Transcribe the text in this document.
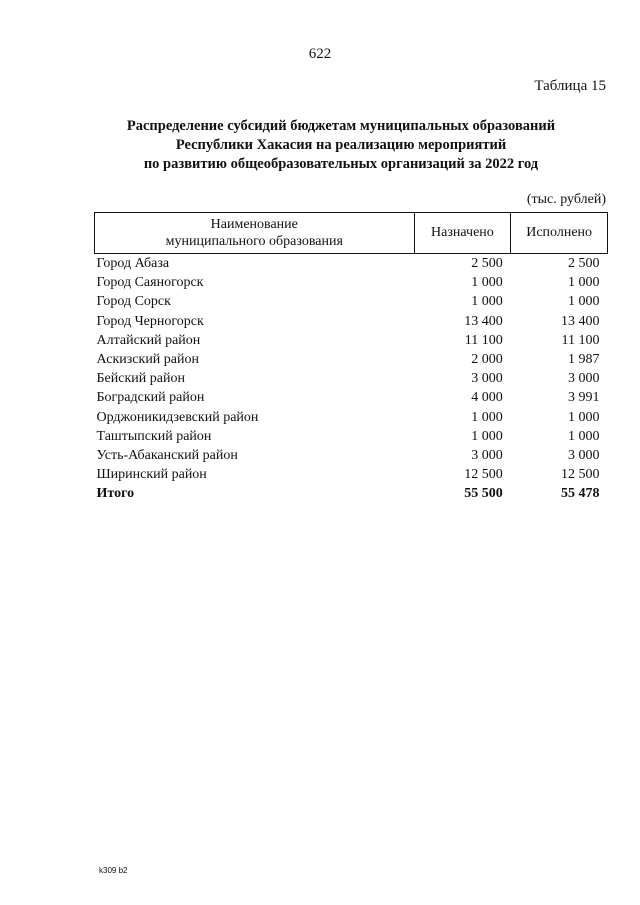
622
Таблица 15
Распределение субсидий бюджетам муниципальных образований
Республики Хакасия на реализацию мероприятий
по развитию общеобразовательных организаций за 2022 год
(тыс. рублей)
Наименование
муниципального образования	Назначено	Исполнено
Город Абаза	2 500	2 500
Город Саяногорск	1 000	1 000
Город Сорск	1 000	1 000
Город Черногорск	13 400	13 400
Алтайский район	11 100	11 100
Аскизский район	2 000	1 987
Бейский район	3 000	3 000
Боградский район	4 000	3 991
Орджоникидзевский район	1 000	1 000
Таштыпский район	1 000	1 000
Усть-Абаканский район	3 000	3 000
Ширинский район	12 500	12 500
Итого	55 500	55 478
k309 b2
